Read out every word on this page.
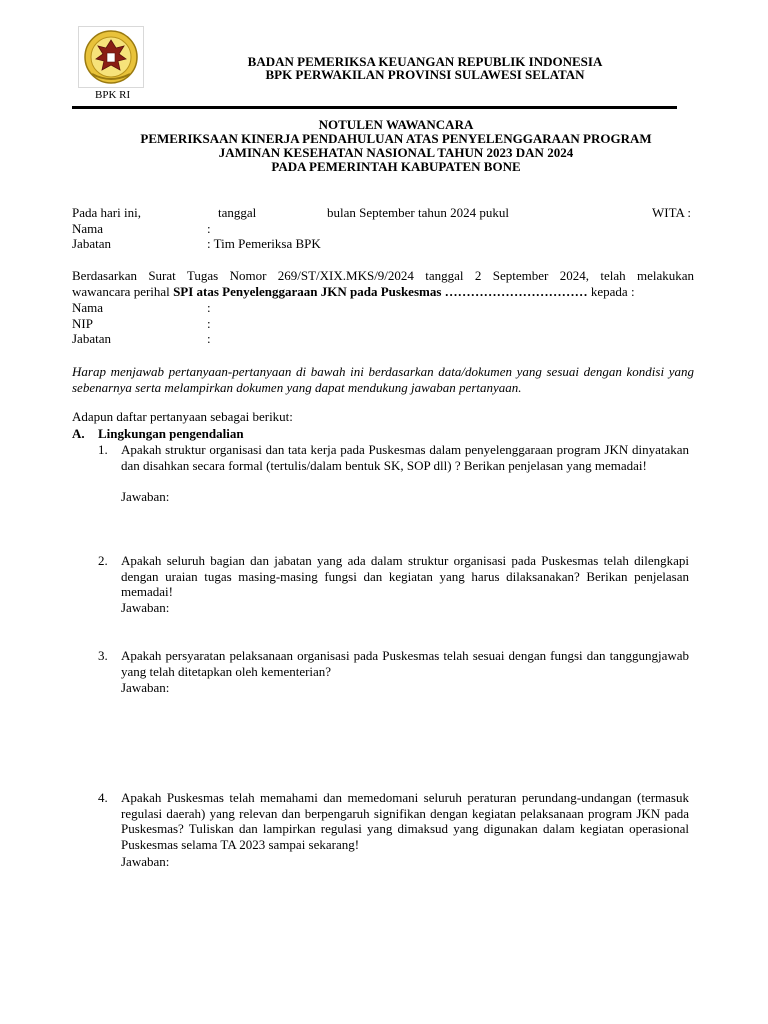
BPK RI
BADAN PEMERIKSA KEUANGAN REPUBLIK INDONESIA
BPK PERWAKILAN PROVINSI SULAWESI SELATAN
NOTULEN WAWANCARA
PEMERIKSAAN KINERJA PENDAHULUAN ATAS PENYELENGGARAAN PROGRAM
JAMINAN KESEHATAN NASIONAL TAHUN 2023 DAN 2024
PADA PEMERINTAH KABUPATEN BONE
Pada hari ini,	tanggal	bulan September tahun 2024 pukul	WITA :
Nama	:
Jabatan	: Tim Pemeriksa BPK
Berdasarkan Surat Tugas Nomor 269/ST/XIX.MKS/9/2024 tanggal 2 September 2024, telah melakukan
wawancara perihal SPI atas Penyelenggaraan JKN pada Puskesmas …………………………… kepada :
Nama	:
NIP	:
Jabatan	:
Harap menjawab pertanyaan-pertanyaan di bawah ini berdasarkan data/dokumen yang sesuai dengan kondisi yang sebenarnya serta melampirkan dokumen yang dapat mendukung jawaban pertanyaan.
Adapun daftar pertanyaan sebagai berikut:
A. Lingkungan pengendalian
1. Apakah struktur organisasi dan tata kerja pada Puskesmas dalam penyelenggaraan program JKN dinyatakan dan disahkan secara formal (tertulis/dalam bentuk SK, SOP dll) ? Berikan penjelasan yang memadai!
Jawaban:
2. Apakah seluruh bagian dan jabatan yang ada dalam struktur organisasi pada Puskesmas telah dilengkapi dengan uraian tugas masing-masing fungsi dan kegiatan yang harus dilaksanakan? Berikan penjelasan memadai!
Jawaban:
3. Apakah persyaratan pelaksanaan organisasi pada Puskesmas telah sesuai dengan fungsi dan tanggungjawab yang telah ditetapkan oleh kementerian?
Jawaban:
4. Apakah Puskesmas telah memahami dan memedomani seluruh peraturan perundang-undangan (termasuk regulasi daerah) yang relevan dan berpengaruh signifikan dengan kegiatan pelaksanaan program JKN pada Puskesmas? Tuliskan dan lampirkan regulasi yang dimaksud yang digunakan dalam kegiatan operasional Puskesmas selama TA 2023 sampai sekarang!
Jawaban:
